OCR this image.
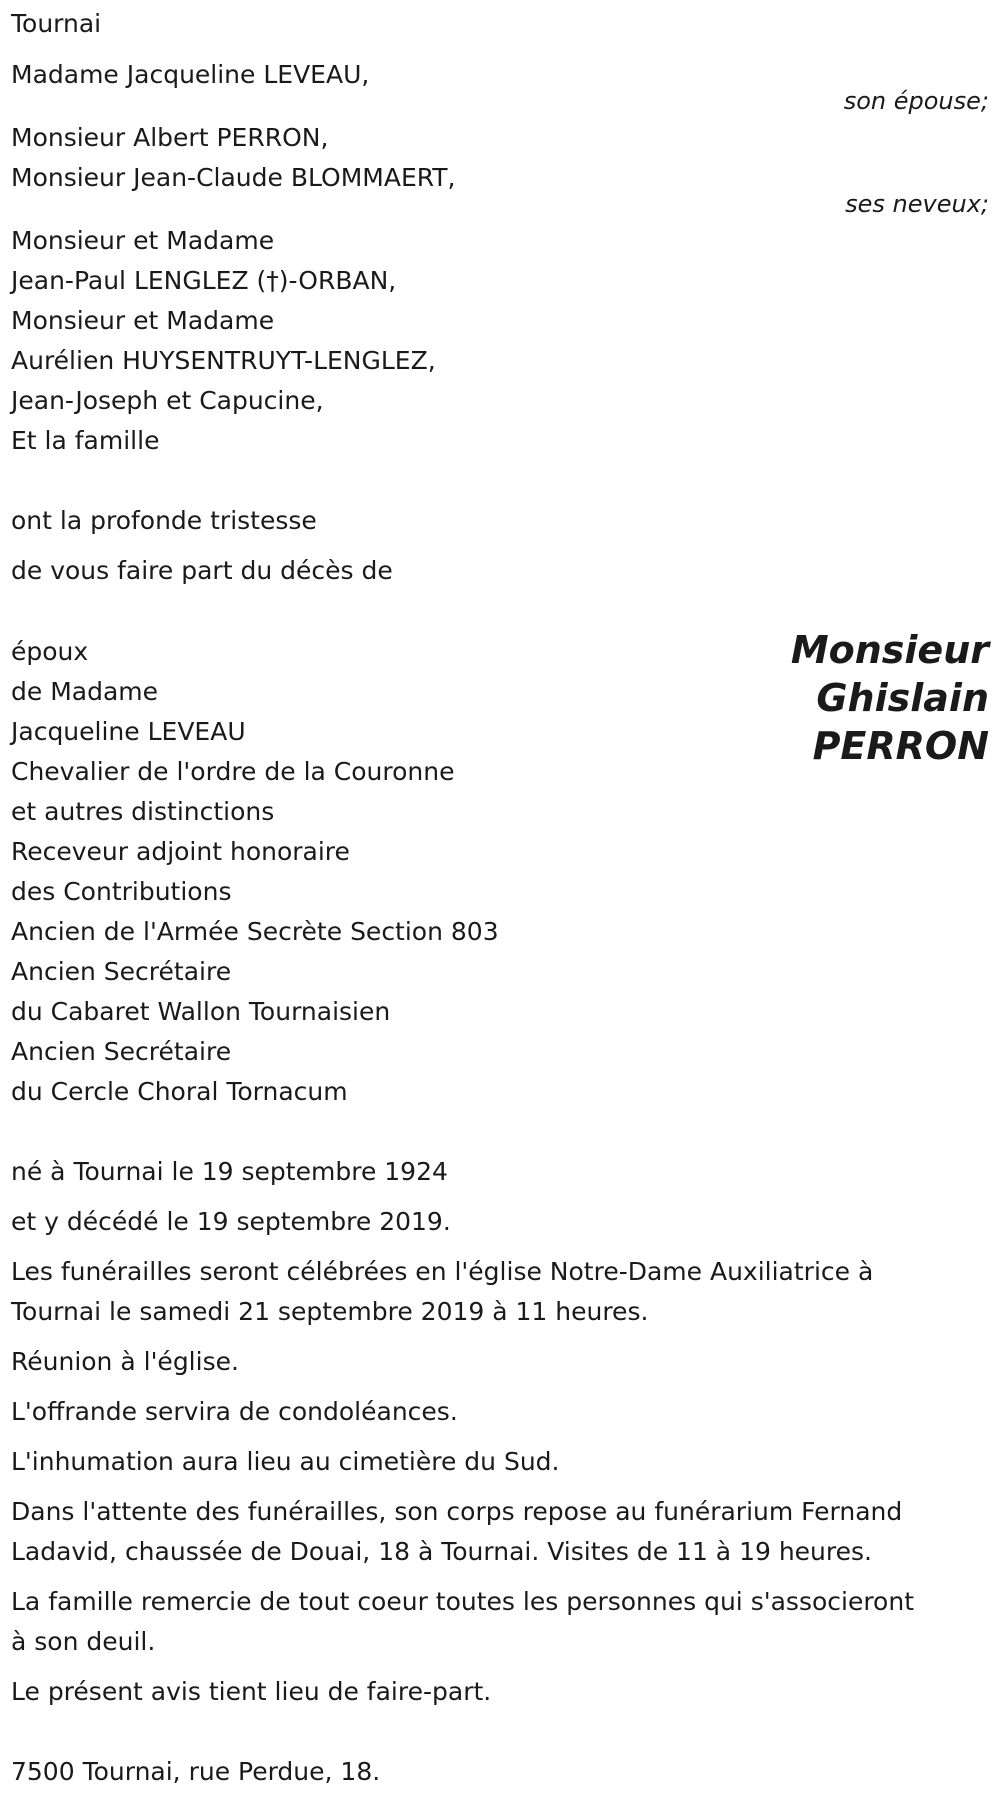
Tournai
Madame Jacqueline LEVEAU,
son épouse;
Monsieur Albert PERRON,
Monsieur Jean-Claude BLOMMAERT,
ses neveux;
Monsieur et Madame
Jean-Paul LENGLEZ (†)-ORBAN,
Monsieur et Madame
Aurélien HUYSENTRUYT-LENGLEZ,
Jean-Joseph et Capucine,
Et la famille
ont la profonde tristesse
de vous faire part du décès de
Monsieur
Ghislain
PERRON
époux
de Madame
Jacqueline LEVEAU
Chevalier de l'ordre de la Couronne
et autres distinctions
Receveur adjoint honoraire
des Contributions
Ancien de l'Armée Secrète Section 803
Ancien Secrétaire
du Cabaret Wallon Tournaisien
Ancien Secrétaire
du Cercle Choral Tornacum
né à Tournai le 19 septembre 1924
et y décédé le 19 septembre 2019.
Les funérailles seront célébrées en l'église Notre-Dame Auxiliatrice à
Tournai le samedi 21 septembre 2019 à 11 heures.
Réunion à l'église.
L'offrande servira de condoléances.
L'inhumation aura lieu au cimetière du Sud.
Dans l'attente des funérailles, son corps repose au funérarium Fernand
Ladavid, chaussée de Douai, 18 à Tournai. Visites de 11 à 19 heures.
La famille remercie de tout coeur toutes les personnes qui s'associeront
à son deuil.
Le présent avis tient lieu de faire-part.
7500 Tournai, rue Perdue, 18.
